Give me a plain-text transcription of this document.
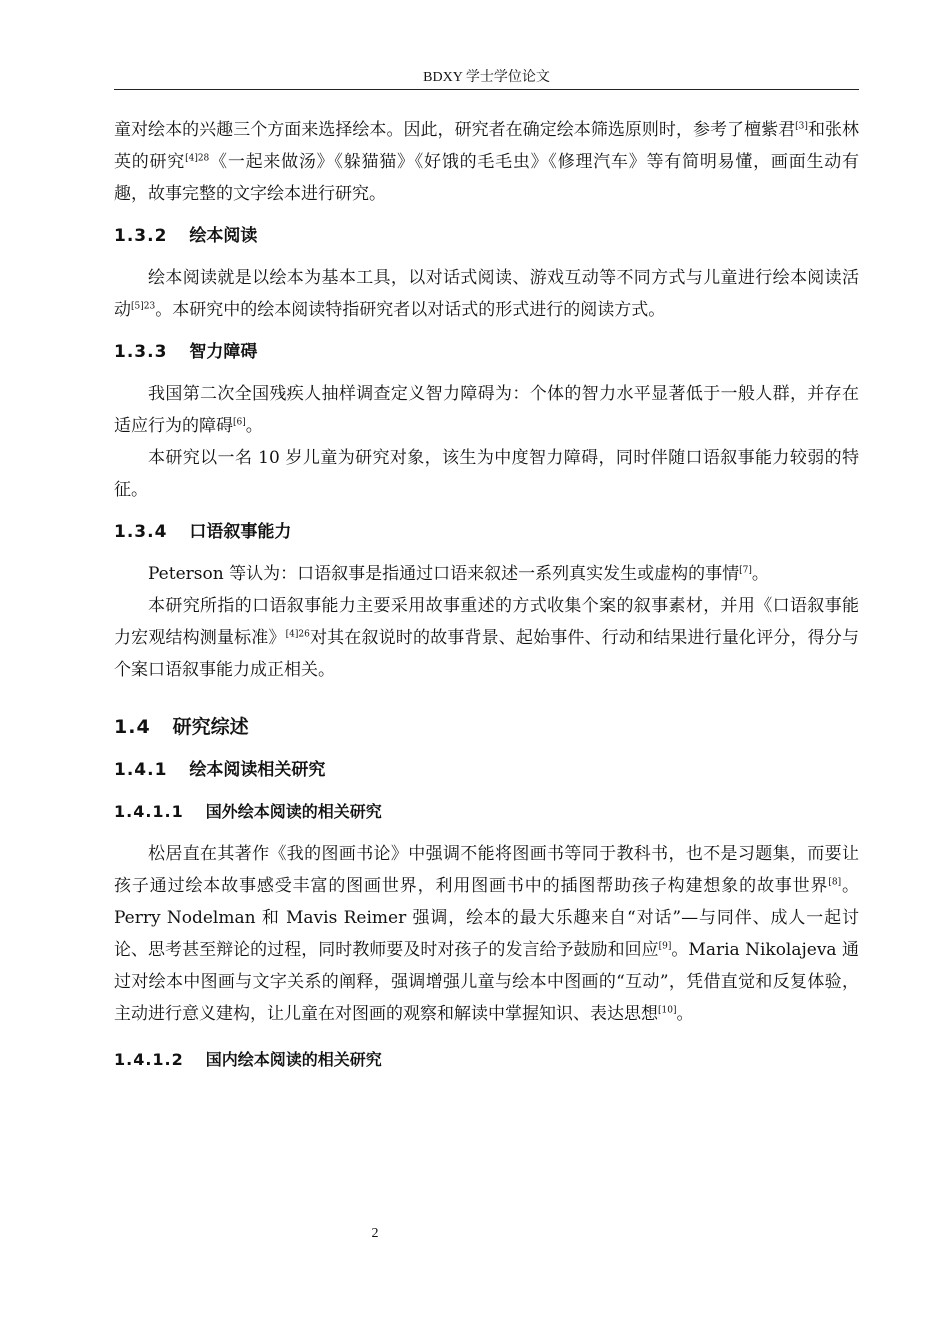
BDXY 学士学位论文

童对绘本的兴趣三个方面来选择绘本。因此，研究者在确定绘本筛选原则时，参考了檀紫君[3]和张林英的研究$^{[4]28}$《一起来做汤》《躲猫猫》《好饿的毛毛虫》《修理汽车》等有简明易懂，画面生动有趣，故事完整的文字绘本进行研究。

1.3.2 绘本阅读

绘本阅读就是以绘本为基本工具，以对话式阅读、游戏互动等不同方式与儿童进行绘本阅读活动$^{[5]23}$。本研究中的绘本阅读特指研究者以对话式的形式进行的阅读方式。

1.3.3 智力障碍

我国第二次全国残疾人抽样调查定义智力障碍为：个体的智力水平显著低于一般人群，并存在适应行为的障碍[6]。

本研究以一名 10 岁儿童为研究对象，该生为中度智力障碍，同时伴随口语叙事能力较弱的特征。

1.3.4 口语叙事能力

Peterson 等认为：口语叙事是指通过口语来叙述一系列真实发生或虚构的事情[7]。

本研究所指的口语叙事能力主要采用故事重述的方式收集个案的叙事素材，并用《口语叙事能力宏观结构测量标准》$^{[4]26}$对其在叙说时的故事背景、起始事件、行动和结果进行量化评分，得分与个案口语叙事能力成正相关。

1.4 研究综述
1.4.1 绘本阅读相关研究
1.4.1.1 国外绘本阅读的相关研究

松居直在其著作《我的图画书论》中强调不能将图画书等同于教科书，也不是习题集，而要让孩子通过绘本故事感受丰富的图画世界，利用图画书中的插图帮助孩子构建想象的故事世界[8]。Perry Nodelman 和 Mavis Reimer 强调，绘本的最大乐趣来自“对话”—与同伴、成人一起讨论、思考甚至辩论的过程，同时教师要及时对孩子的发言给予鼓励和回应[9]。Maria Nikolajeva 通过对绘本中图画与文字关系的阐释，强调增强儿童与绘本中图画的“互动”，凭借直觉和反复体验，主动进行意义建构，让儿童在对图画的观察和解读中掌握知识、表达思想[10]。

1.4.1.2 国内绘本阅读的相关研究
2
